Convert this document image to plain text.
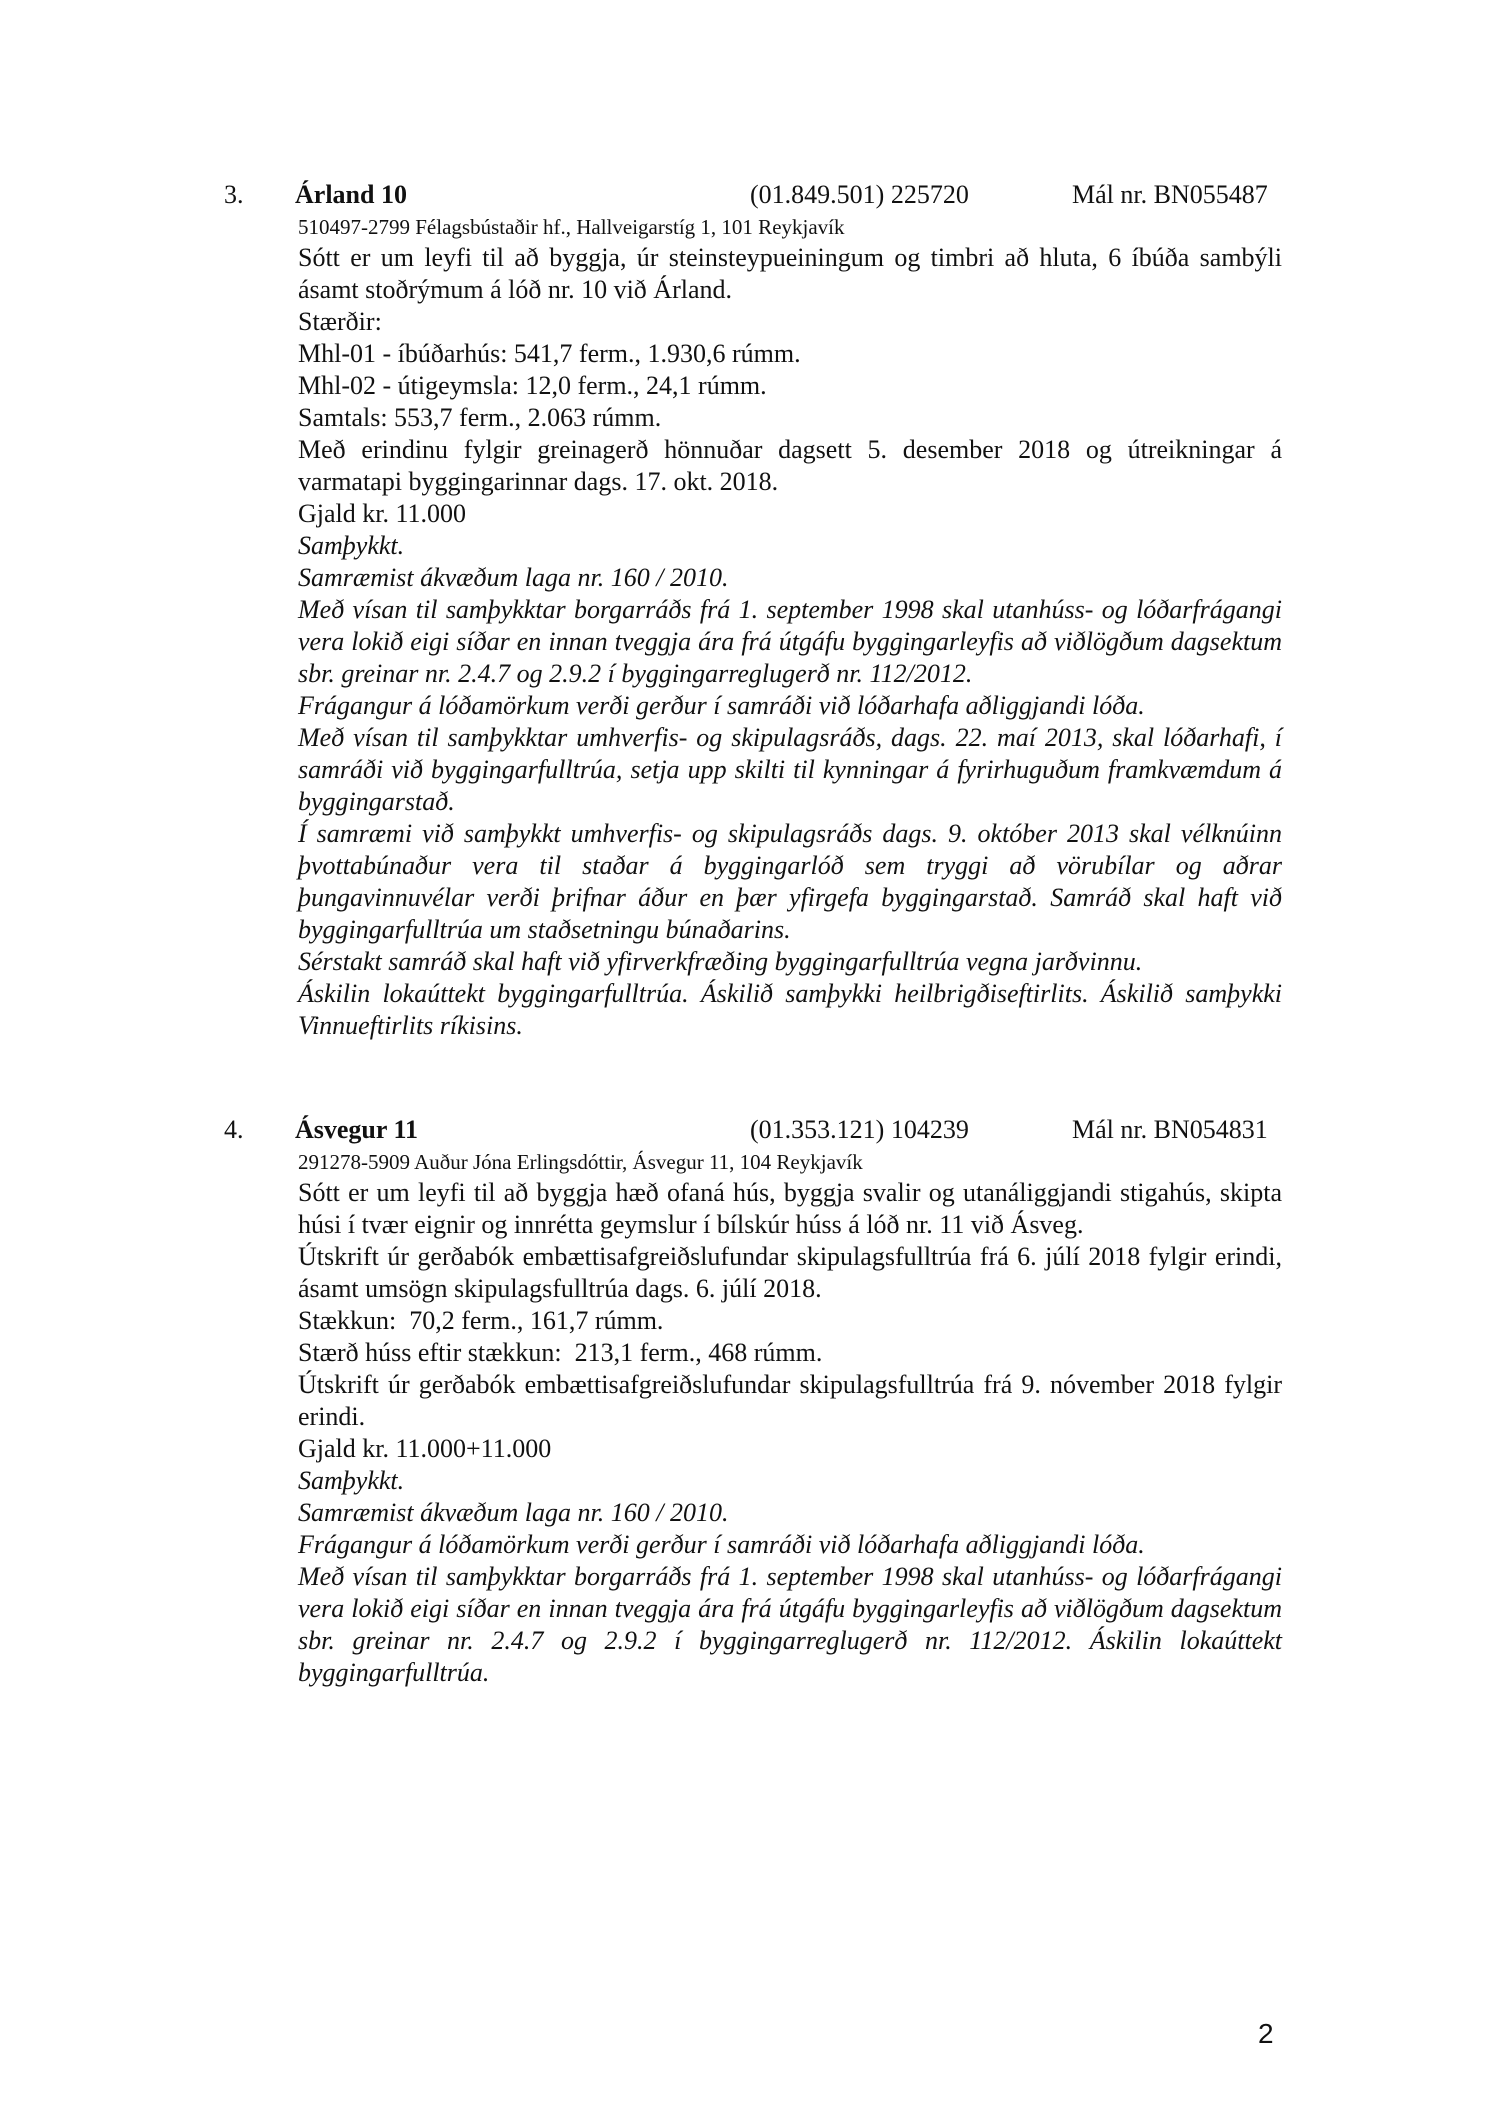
3. Árland 10	(01.849.501) 225720	Mál nr. BN055487
510497-2799 Félagsbústaðir hf., Hallveigarstíg 1, 101 Reykjavík

Sótt er um leyfi til að byggja, úr steinsteypueiningum og timbri að hluta, 6 íbúða sambýli ásamt stoðrýmum á lóð nr. 10 við Árland.

Stærðir:

Mhl-01 - íbúðarhús: 541,7 ferm., 1.930,6 rúmm.

Mhl-02 - útigeymsla: 12,0 ferm., 24,1 rúmm.

Samtals: 553,7 ferm., 2.063 rúmm.

Með erindinu fylgir greinagerð hönnuðar dagsett 5. desember 2018 og útreikningar á varmatapi byggingarinnar dags. 17. okt. 2018.

Gjald kr. 11.000

Samþykkt.

Samræmist ákvæðum laga nr. 160 / 2010.

Með vísan til samþykktar borgarráðs frá 1. september 1998 skal utanhúss- og lóðarfrágangi vera lokið eigi síðar en innan tveggja ára frá útgáfu byggingarleyfis að viðlögðum dagsektum sbr. greinar nr. 2.4.7 og 2.9.2 í byggingarreglugerð nr. 112/2012.

Frágangur á lóðamörkum verði gerður í samráði við lóðarhafa aðliggjandi lóða.

Með vísan til samþykktar umhverfis- og skipulagsráðs, dags. 22. maí 2013, skal lóðarhafi, í samráði við byggingarfulltrúa, setja upp skilti til kynningar á fyrirhuguðum framkvæmdum á byggingarstað.

Í samræmi við samþykkt umhverfis- og skipulagsráðs dags. 9. október 2013 skal vélknúinn þvottabúnaður vera til staðar á byggingarlóð sem tryggi að vörubílar og aðrar þungavinnuvélar verði þrifnar áður en þær yfirgefa byggingarstað. Samráð skal haft við byggingarfulltrúa um staðsetningu búnaðarins.

Sérstakt samráð skal haft við yfirverkfræðing byggingarfulltrúa vegna jarðvinnu.

Áskilin lokaúttekt byggingarfulltrúa. Áskilið samþykki heilbrigðiseftirlits. Áskilið samþykki Vinnueftirlits ríkisins.

4. Ásvegur 11	(01.353.121) 104239	Mál nr. BN054831
291278-5909 Auður Jóna Erlingsdóttir, Ásvegur 11, 104 Reykjavík

Sótt er um leyfi til að byggja hæð ofaná hús, byggja svalir og utanáliggjandi stigahús, skipta húsi í tvær eignir og innrétta geymslur í bílskúr húss á lóð nr. 11 við Ásveg.

Útskrift úr gerðabók embættisafgreiðslufundar skipulagsfulltrúa frá 6. júlí 2018 fylgir erindi, ásamt umsögn skipulagsfulltrúa dags. 6. júlí 2018.

Stækkun:  70,2 ferm., 161,7 rúmm.

Stærð húss eftir stækkun:  213,1 ferm., 468 rúmm.

Útskrift úr gerðabók embættisafgreiðslufundar skipulagsfulltrúa frá 9. nóvember 2018 fylgir erindi.

Gjald kr. 11.000+11.000

Samþykkt.

Samræmist ákvæðum laga nr. 160 / 2010.

Frágangur á lóðamörkum verði gerður í samráði við lóðarhafa aðliggjandi lóða.

Með vísan til samþykktar borgarráðs frá 1. september 1998 skal utanhúss- og lóðarfrágangi vera lokið eigi síðar en innan tveggja ára frá útgáfu byggingarleyfis að viðlögðum dagsektum sbr. greinar nr. 2.4.7 og 2.9.2 í byggingarreglugerð nr. 112/2012. Áskilin lokaúttekt byggingarfulltrúa.

2
